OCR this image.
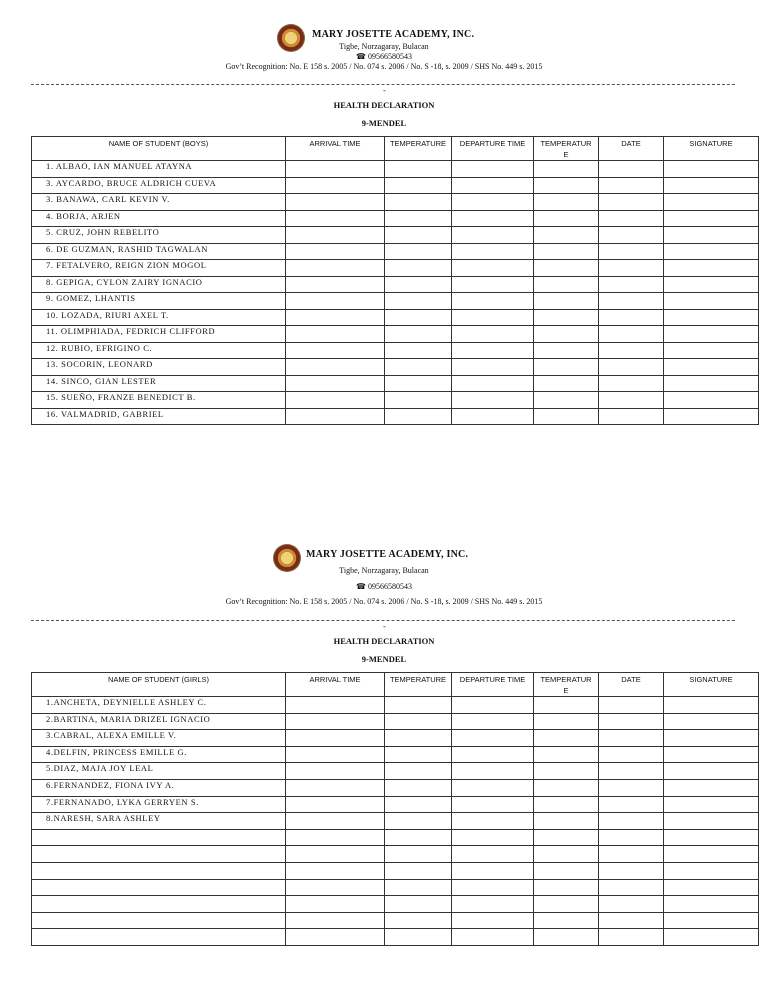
MARY JOSETTE ACADEMY, INC.
Tigbe, Norzagaray, Bulacan
☎ 09566580543
Gov’t Recognition: No. E 158 s. 2005 / No. 074 s. 2006 / No. S -18, s. 2009 / SHS No. 449 s. 2015
-
HEALTH DECLARATION
9-MENDEL
NAME OF STUDENT (BOYS)	ARRIVAL TIME	TEMPERATURE	DEPARTURE TIME	TEMPERATURE	DATE	SIGNATURE
1. ALBAO, IAN MANUEL ATAYNA						
3. AYCARDO, BRUCE ALDRICH CUEVA						
3. BANAWA, CARL KEVIN V.						
4. BORJA, ARJEN						
5. CRUZ, JOHN REBELITO						
6. DE GUZMAN, RASHID TAGWALAN						
7. FETALVERO, REIGN ZION MOGOL						
8. GEPIGA, CYLON ZAIRY IGNACIO						
9. GOMEZ, LHANTIS						
10. LOZADA, RIURI AXEL T.						
11. OLIMPHIADA, FEDRICH CLIFFORD						
12. RUBIO, EFRIGINO C.						
13. SOCORIN, LEONARD						
14. SINCO, GIAN LESTER						
15. SUEÑO, FRANZE BENEDICT B.						
16. VALMADRID, GABRIEL						
MARY JOSETTE ACADEMY, INC.
Tigbe, Norzagaray, Bulacan
☎ 09566580543
Gov’t Recognition: No. E 158 s. 2005 / No. 074 s. 2006 / No. S -18, s. 2009 / SHS No. 449 s. 2015
-
HEALTH DECLARATION
9-MENDEL
NAME OF STUDENT (GIRLS)	ARRIVAL TIME	TEMPERATURE	DEPARTURE TIME	TEMPERATURE	DATE	SIGNATURE
1.ANCHETA, DEYNIELLE ASHLEY C.						
2.BARTINA, MARIA DRIZEL IGNACIO						
3.CABRAL, ALEXA EMILLE V.						
4.DELFIN, PRINCESS EMILLE G.						
5.DIAZ, MAJA JOY LEAL						
6.FERNANDEZ, FIONA IVY A.						
7.FERNANADO, LYKA GERRYEN S.						
8.NARESH, SARA ASHLEY						
